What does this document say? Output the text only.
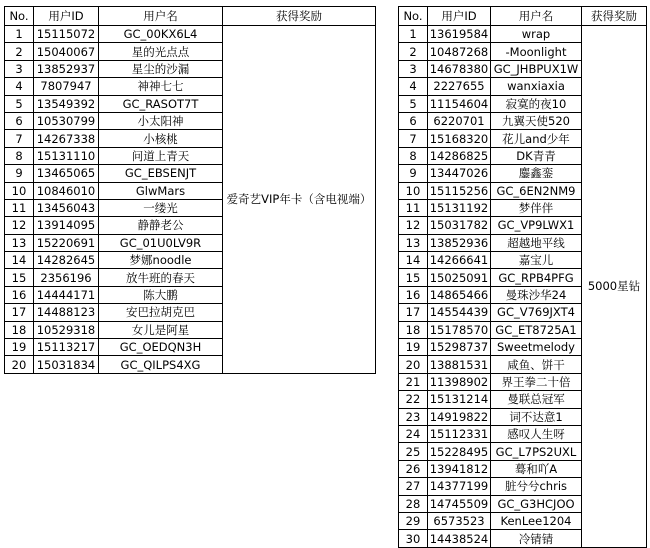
No.	用户ID	用户名	获得奖励
1	15115072	GC_00KX6L4	爱奇艺VIP年卡（含电视端）
2	15040067	星的光点点	
3	13852937	星尘的沙漏	
4	7807947	神神七七	
5	13549392	GC_RASOT7T	
6	10530799	小太阳神	
7	14267338	小核桃	
8	15131110	问道上青天	
9	13465065	GC_EBSENJT	
10	10846010	GlwMars	
11	13456043	一缕光	
12	13914095	静静老公	
13	15220691	GC_01U0LV9R	
14	14282645	梦娜noodle	
15	2356196	放牛班的春天	
16	14444171	陈大鹏	
17	14488123	安巴拉胡克巴	
18	10529318	女儿是阿星	
19	15113217	GC_OEDQN3H	
20	15031834	GC_QILPS4XG	
No.	用户ID	用户名	获得奖励
1	13619584	wrap	5000星钻
2	10487268	-Moonlight	
3	14678380	GC_JHBPUX1W	
4	2227655	wanxiaxia	
5	11154604	寂寞的夜10	
6	6220701	九翼天使520	
7	15168320	花儿and少年	
8	14286825	DK青青	
9	13447026	鏖鑫銮	
10	15115256	GC_6EN2NM9	
11	15131192	梦伴伴	
12	15031782	GC_VP9LWX1	
13	13852936	超越地平线	
14	14266641	嘉宝儿	
15	15025091	GC_RPB4PFG	
16	14865466	曼珠沙华24	
17	14554439	GC_V769JXT4	
18	15178570	GC_ET8725A1	
19	15298737	Sweetmelody	
20	13881531	咸鱼、饼干	
21	11398902	界王拳二十倍	
22	15131214	曼联总冠军	
23	14919822	词不达意1	
24	15112331	感叹人生呀	
25	15228495	GC_L7PS2UXL	
26	13941812	蓦和吖A	
27	14377199	脏兮兮chris	
28	14745509	GC_G3HCJOO	
29	6573523	KenLee1204	
30	14438524	冷锖锖	
